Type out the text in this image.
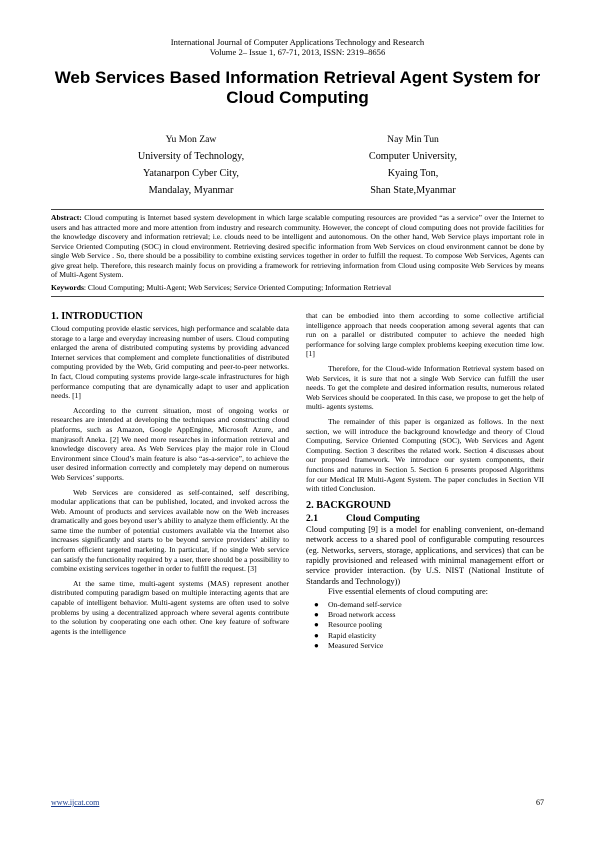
International Journal of Computer Applications Technology and Research
Volume 2– Issue 1, 67-71, 2013, ISSN: 2319–8656
Web Services Based Information Retrieval Agent System for Cloud Computing
Yu Mon Zaw
University of Technology,
Yatanarpon Cyber City,
Mandalay, Myanmar
Nay Min Tun
Computer University,
Kyaing Ton,
Shan State,Myanmar
Abstract: Cloud computing is Internet based system development in which large scalable computing resources are provided “as a service” over the Internet to users and has attracted more and more attention from industry and research community. However, the concept of cloud computing does not provide facilities for the knowledge discovery and information retrieval; i.e. clouds need to be intelligent and autonomous. On the other hand, Web Service plays important role in Service Oriented Computing (SOC) in cloud environment. Retrieving desired specific information from Web Services on cloud environment cannot be done by single Web Service . So, there should be a possibility to combine existing services together in order to fulfill the request. To compose Web Services, Agents can give great help. Therefore, this research mainly focus on providing a framework for retrieving information from Cloud using composite Web Services by means of Multi-Agent System.
Keywords: Cloud Computing; Multi-Agent; Web Services; Service Oriented Computing; Information Retrieval
1. INTRODUCTION

Cloud computing provide elastic services, high performance and scalable data storage to a large and everyday increasing number of users. Cloud computing enlarged the arena of distributed computing systems by providing advanced Internet services that complement and complete functionalities of distributed computing provided by the Web, Grid computing and peer-to-peer networks. In fact, Cloud computing systems provide large-scale infrastructures for high performance computing that are dynamically adapt to user and application needs. [1]

According to the current situation, most of ongoing works or researches are intended at developing the techniques and constructing cloud platforms, such as Amazon, Google AppEngine, Microsoft Azure, and manjrasoft Aneka. [2] We need more researches in information retrieval and knowledge discovery area. As Web Services play the major role in Cloud Environment since Cloud’s main feature is also “as-a-service”, to achieve the user desired information correctly and completely may depend on numerous Web Services’ supports.

Web Services are considered as self-contained, self describing, modular applications that can be published, located, and invoked across the Web. Amount of products and services available now on the Web increases dramatically and goes beyond user’s ability to analyze them efficiently. At the same time the number of potential customers available via the Internet also increases significantly and starts to be beyond service providers’ ability to perform efficient targeted marketing. In particular, if no single Web service can satisfy the functionality required by a user, there should be a possibility to combine existing services together in order to fulfill the request. [3]

At the same time, multi-agent systems (MAS) represent another distributed computing paradigm based on multiple interacting agents that are capable of intelligent behavior. Multi-agent systems are often used to solve problems by using a decentralized approach where several agents contribute to the solution by cooperating one each other. One key feature of software agents is the intelligence

that can be embodied into them according to some collective artificial intelligence approach that needs cooperation among several agents that can run on a parallel or distributed computer to achieve the needed high performance for solving large complex problems keeping execution time low. [1]

Therefore, for the Cloud-wide Information Retrieval system based on Web Services, it is sure that not a single Web Service can fulfill the user needs. To get the complete and desired information results, numerous related Web Services should be cooperated. In this case, we propose to get the help of multi- agents systems.

The remainder of this paper is organized as follows. In the next section, we will introduce the background knowledge and theory of Cloud Computing, Service Oriented Computing (SOC), Web Services and Agent Computing. Section 3 describes the related work. Section 4 discusses about our proposed framework. We introduce our system components, their functions and natures in Section 5. Section 6 presents proposed Algorithms for our Medical IR Multi-Agent System. The paper concludes in Section VII with titled Conclusion.

2. BACKGROUND
2.1	Cloud Computing

Cloud computing [9] is a model for enabling convenient, on-demand network access to a shared pool of configurable computing resources (eg. Networks, servers, storage, applications, and services) that can be rapidly provisioned and released with minimal management effort or service provider interaction. (by U.S. NIST (National Institute of Standards and Technology))

Five essential elements of cloud computing are:

● On-demand self-service
● Broad network access
● Resource pooling
● Rapid elasticity
● Measured Service
www.ijcat.com	67
